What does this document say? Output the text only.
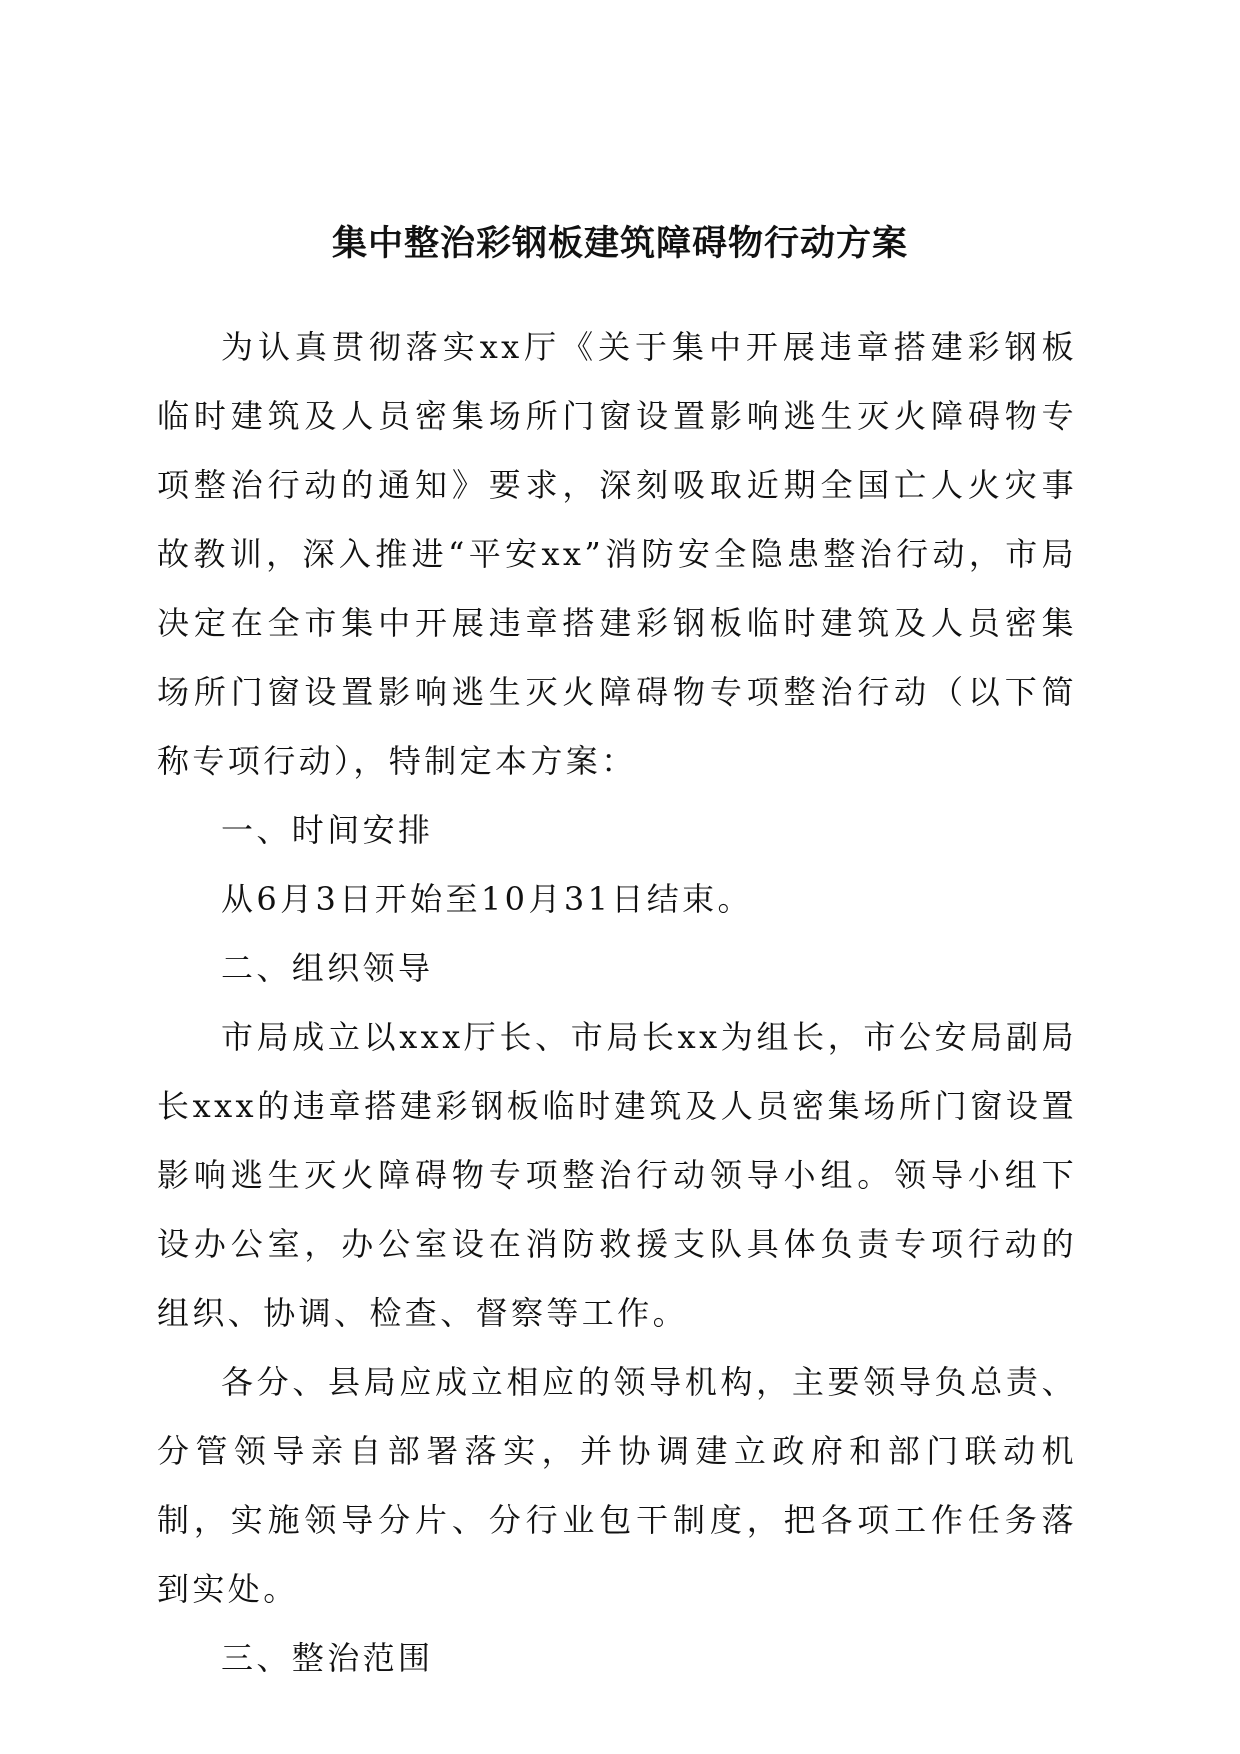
集中整治彩钢板建筑障碍物行动方案

为认真贯彻落实xx厅《关于集中开展违章搭建彩钢板临时建筑及人员密集场所门窗设置影响逃生灭火障碍物专项整治行动的通知》要求，深刻吸取近期全国亡人火灾事故教训，深入推进“平安xx”消防安全隐患整治行动，市局决定在全市集中开展违章搭建彩钢板临时建筑及人员密集场所门窗设置影响逃生灭火障碍物专项整治行动（以下简称专项行动），特制定本方案：

一、时间安排

从6月3日开始至10月31日结束。

二、组织领导

市局成立以xxx厅长、市局长xx为组长，市公安局副局长xxx的违章搭建彩钢板临时建筑及人员密集场所门窗设置影响逃生灭火障碍物专项整治行动领导小组。领导小组下设办公室，办公室设在消防救援支队具体负责专项行动的组织、协调、检查、督察等工作。

各分、县局应成立相应的领导机构，主要领导负总责、分管领导亲自部署落实，并协调建立政府和部门联动机制，实施领导分片、分行业包干制度，把各项工作任务落到实处。

三、整治范围
